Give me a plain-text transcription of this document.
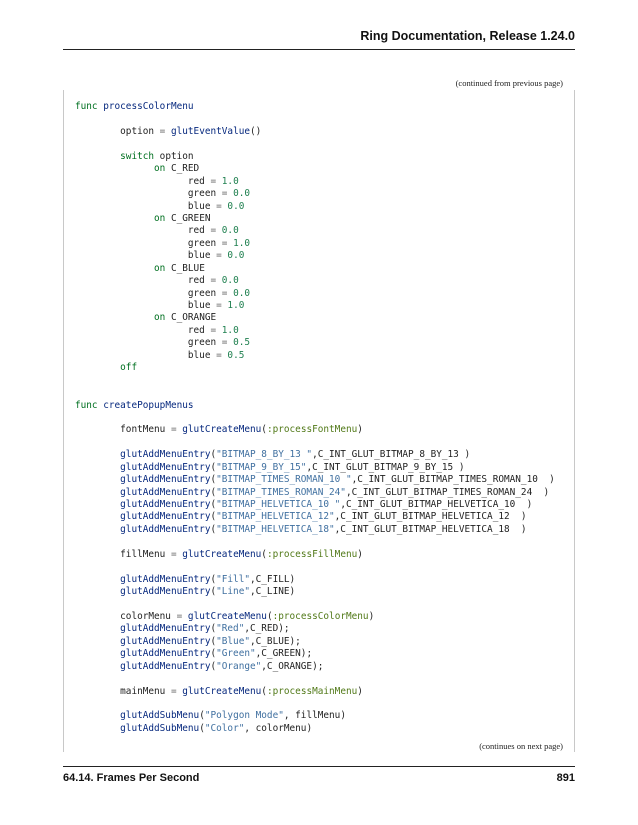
Ring Documentation, Release 1.24.0
(continued from previous page)
func processColorMenu
option = glutEventValue()
switch option
on C_RED
red = 1.0
green = 0.0
blue = 0.0
on C_GREEN
red = 0.0
green = 1.0
blue = 0.0
on C_BLUE
red = 0.0
green = 0.0
blue = 1.0
on C_ORANGE
red = 1.0
green = 0.5
blue = 0.5
off
func createPopupMenus
fontMenu = glutCreateMenu(:processFontMenu)
glutAddMenuEntry("BITMAP_8_BY_13 ",C_INT_GLUT_BITMAP_8_BY_13 )
glutAddMenuEntry("BITMAP_9_BY_15",C_INT_GLUT_BITMAP_9_BY_15 )
glutAddMenuEntry("BITMAP_TIMES_ROMAN_10 ",C_INT_GLUT_BITMAP_TIMES_ROMAN_10  )
glutAddMenuEntry("BITMAP_TIMES_ROMAN_24",C_INT_GLUT_BITMAP_TIMES_ROMAN_24  )
glutAddMenuEntry("BITMAP_HELVETICA_10 ",C_INT_GLUT_BITMAP_HELVETICA_10  )
glutAddMenuEntry("BITMAP_HELVETICA_12",C_INT_GLUT_BITMAP_HELVETICA_12  )
glutAddMenuEntry("BITMAP_HELVETICA_18",C_INT_GLUT_BITMAP_HELVETICA_18  )
fillMenu = glutCreateMenu(:processFillMenu)
glutAddMenuEntry("Fill",C_FILL)
glutAddMenuEntry("Line",C_LINE)
colorMenu = glutCreateMenu(:processColorMenu)
glutAddMenuEntry("Red",C_RED);
glutAddMenuEntry("Blue",C_BLUE);
glutAddMenuEntry("Green",C_GREEN);
glutAddMenuEntry("Orange",C_ORANGE);
mainMenu = glutCreateMenu(:processMainMenu)
glutAddSubMenu("Polygon Mode", fillMenu)
glutAddSubMenu("Color", colorMenu)
(continues on next page)
64.14. Frames Per Second	891
